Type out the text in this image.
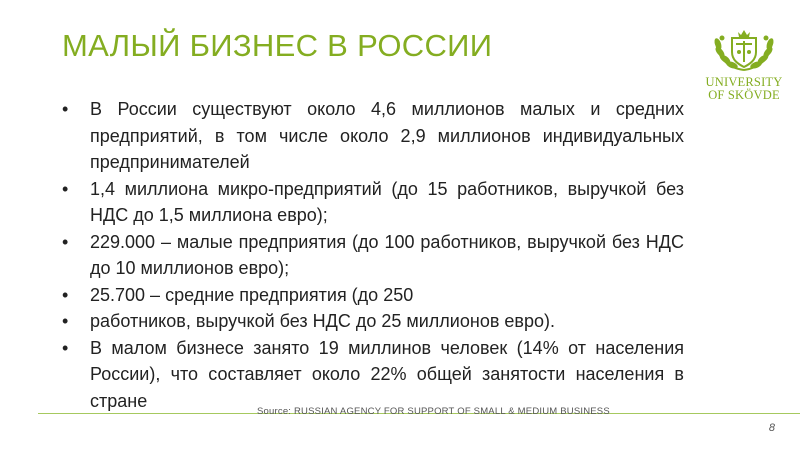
МАЛЫЙ БИЗНЕС В РОССИИ
UNIVERSITY
OF SKÖVDE
• В России существуют около 4,6 миллионов малых и средних предприятий, в том числе около 2,9 миллионов индивидуальных предпринимателей
• 1,4 миллиона микро-предприятий (до 15 работников, выручкой без НДС до 1,5 миллиона евро);
• 229.000 – малые предприятия (до 100 работников, выручкой без НДС до 10 миллионов евро);
• 25.700 – средние предприятия (до 250
• работников, выручкой без НДС до 25 миллионов евро).
• В малом бизнесе занято 19 миллинов человек (14% от населения России), что составляет около 22% общей занятости населения в стране
Source: RUSSIAN AGENCY FOR SUPPORT OF SMALL & MEDIUM BUSINESS
8
